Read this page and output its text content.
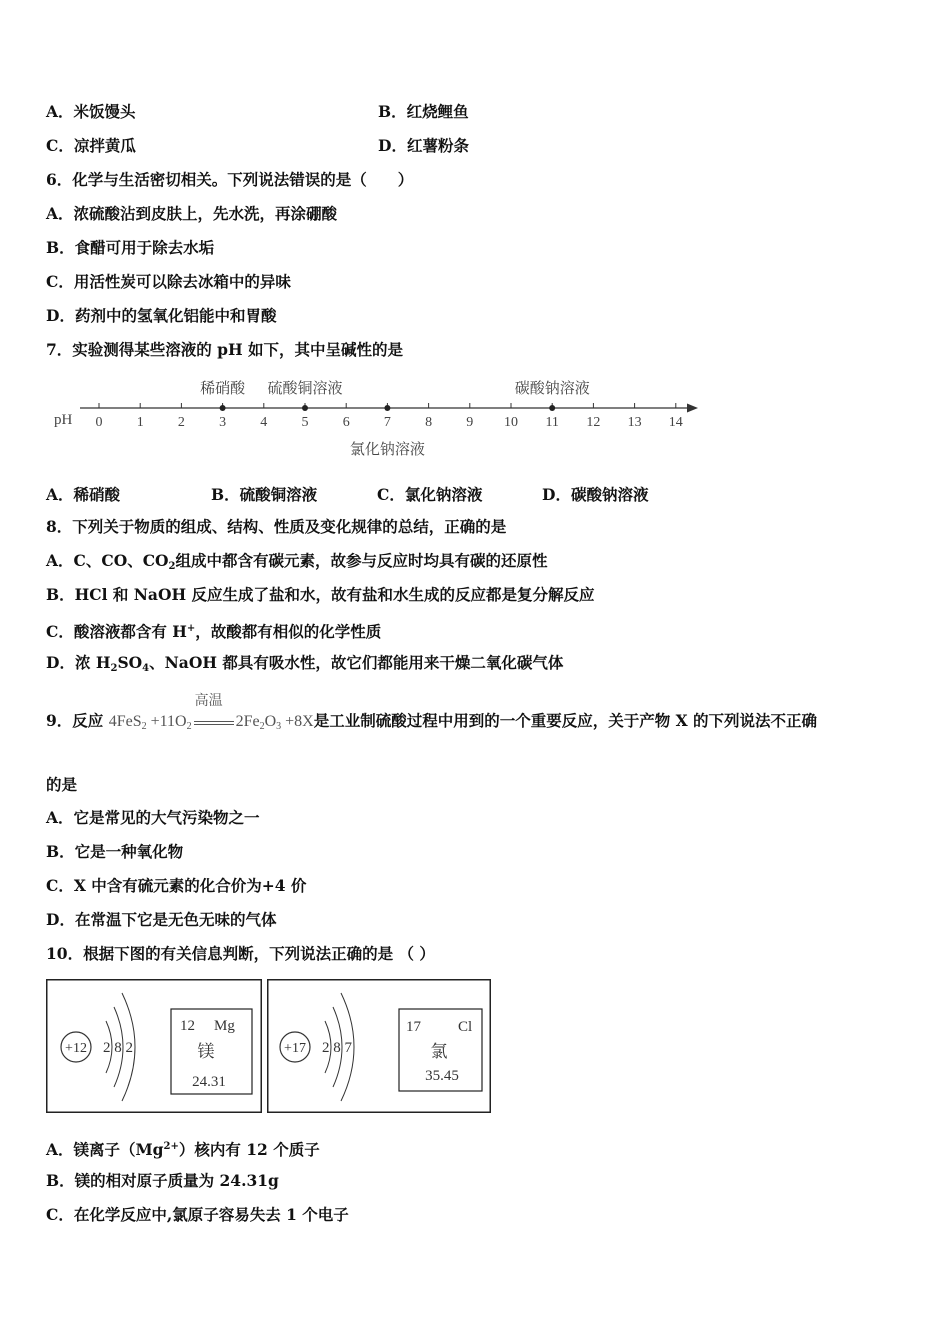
A．米饭馒头	B．红烧鲤鱼
C．凉拌黄瓜	D．红薯粉条
6．化学与生活密切相关。下列说法错误的是（　　）
A．浓硫酸沾到皮肤上，先水洗，再涂硼酸
B．食醋可用于除去水垢
C．用活性炭可以除去冰箱中的异味
D．药剂中的氢氧化铝能中和胃酸
7．实验测得某些溶液的 pH 如下，其中呈碱性的是
pH 0 1 2 3 4 5 6 7 8 9 10 11 12 13 14
稀硝酸 硫酸铜溶液
氯化钠溶液
碳酸钠溶液
A．稀硝酸	B．硫酸铜溶液	C．氯化钠溶液	D．碳酸钠溶液
8．下列关于物质的组成、结构、性质及变化规律的总结，正确的是
A．C、CO、$CO_2$组成中都含有碳元素，故参与反应时均具有碳的还原性
B．HCl 和 NaOH 反应生成了盐和水，故有盐和水生成的反应都是复分解反应
C．酸溶液都含有 H+，故酸都有相似的化学性质
D．浓 $H_2SO_4$、NaOH 都具有吸水性，故它们都能用来干燥二氧化碳气体
9．反应 $4FeS_2 +11O_2$
高温
$2Fe_2O_3 +8X$是工业制硫酸过程中用到的一个重要反应，关于产物 X 的下列说法不正确
的是
A．它是常见的大气污染物之一
B．它是一种氧化物
C．X 中含有硫元素的化合价为+4 价
D．在常温下它是无色无味的气体
10．根据下图的有关信息判断，下列说法正确的是 （ ）
+12 2 8 2
12 Mg
镁
24.31
+17 2 8 7
17 Cl
氯
35.45
A．镁离子$(Mg^{2+})$核内有 12 个质子
B．镁的相对原子质量为 24.31g
C．在化学反应中,氯原子容易失去 1 个电子
